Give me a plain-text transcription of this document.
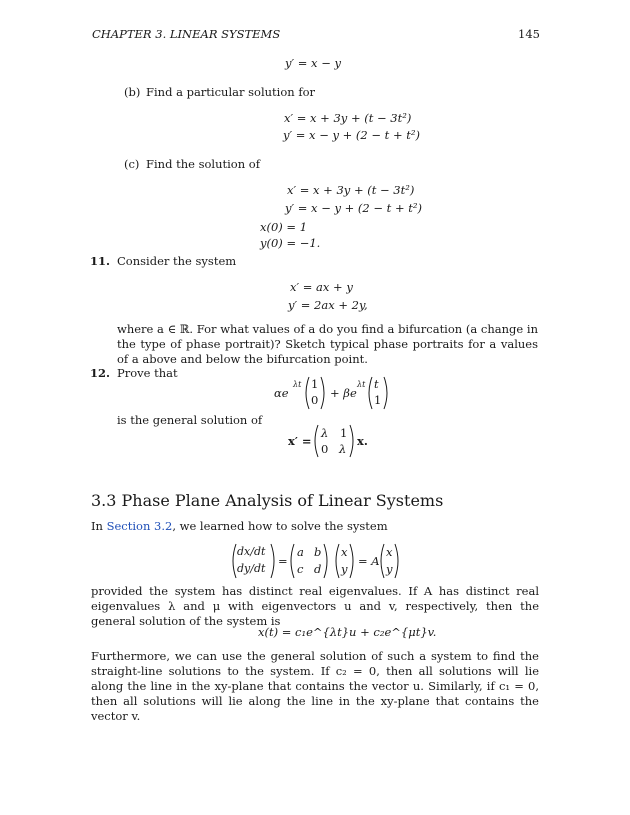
CHAPTER 3. LINEAR SYSTEMS	145
y′ = x − y
(b) Find a particular solution for
x′ = x + 3y + (t − 3t²)
y′ = x − y + (2 − t + t²)
(c) Find the solution of
x′ = x + 3y + (t − 3t²)
y′ = x − y + (2 − t + t²)
x(0) = 1
y(0) = −1.
11. Consider the system
x′ = ax + y
y′ = 2ax + 2y,
where a ∈ ℝ. For what values of a do you find a bifurcation (a change in the type of phase portrait)? Sketch typical phase portraits for a values of a above and below the bifurcation point.
12. Prove that
αe
λt 1
0 + βe
λt t
1
is the general solution of
x′ =
λ 1
0 λ
x.
3.3 Phase Plane Analysis of Linear Systems
In Section 3.2, we learned how to solve the system
dx/dt
dy/dt
=
a b
c d
x
y
= A
x
y
provided the system has distinct real eigenvalues. If A has distinct real eigenvalues λ and μ with eigenvectors u and v, respectively, then the general solution of the system is
x(t) = c₁e^{λt}u + c₂e^{μt}v.
Furthermore, we can use the general solution of such a system to find the straight-line solutions to the system. If c₂ = 0, then all solutions will lie along the line in the xy-plane that contains the vector u. Similarly, if c₁ = 0, then all solutions will lie along the line in the xy-plane that contains the vector v.
